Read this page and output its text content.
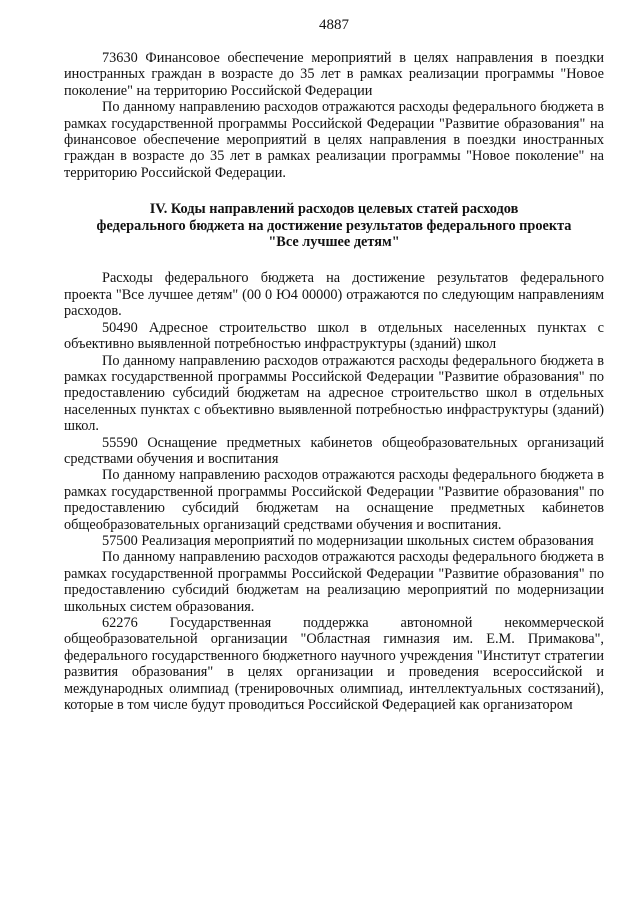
4887

73630 Финансовое обеспечение мероприятий в целях направления в поездки иностранных граждан в возрасте до 35 лет в рамках реализации программы "Новое поколение" на территорию Российской Федерации

По данному направлению расходов отражаются расходы федерального бюджета в рамках государственной программы Российской Федерации "Развитие образования" на финансовое обеспечение мероприятий в целях направления в поездки иностранных граждан в возрасте до 35 лет в рамках реализации программы "Новое поколение" на территорию Российской Федерации.

IV. Коды направлений расходов целевых статей расходов
федерального бюджета на достижение результатов федерального проекта
"Все лучшее детям"

Расходы федерального бюджета на достижение результатов федерального проекта "Все лучшее детям" (00 0 Ю4 00000) отражаются по следующим направлениям расходов.

50490 Адресное строительство школ в отдельных населенных пунктах с объективно выявленной потребностью инфраструктуры (зданий) школ

По данному направлению расходов отражаются расходы федерального бюджета в рамках государственной программы Российской Федерации "Развитие образования" по предоставлению субсидий бюджетам на адресное строительство школ в отдельных населенных пунктах с объективно выявленной потребностью инфраструктуры (зданий) школ.

55590 Оснащение предметных кабинетов общеобразовательных организаций средствами обучения и воспитания

По данному направлению расходов отражаются расходы федерального бюджета в рамках государственной программы Российской Федерации "Развитие образования" по предоставлению субсидий бюджетам на оснащение предметных кабинетов общеобразовательных организаций средствами обучения и воспитания.

57500 Реализация мероприятий по модернизации школьных систем образования

По данному направлению расходов отражаются расходы федерального бюджета в рамках государственной программы Российской Федерации "Развитие образования" по предоставлению субсидий бюджетам на реализацию мероприятий по модернизации школьных систем образования.

62276 Государственная поддержка автономной некоммерческой общеобразовательной организации "Областная гимназия им. Е.М. Примакова", федерального государственного бюджетного научного учреждения "Институт стратегии развития образования" в целях организации и проведения всероссийской и международных олимпиад (тренировочных олимпиад, интеллектуальных состязаний), которые в том числе будут проводиться Российской Федерацией как организатором
